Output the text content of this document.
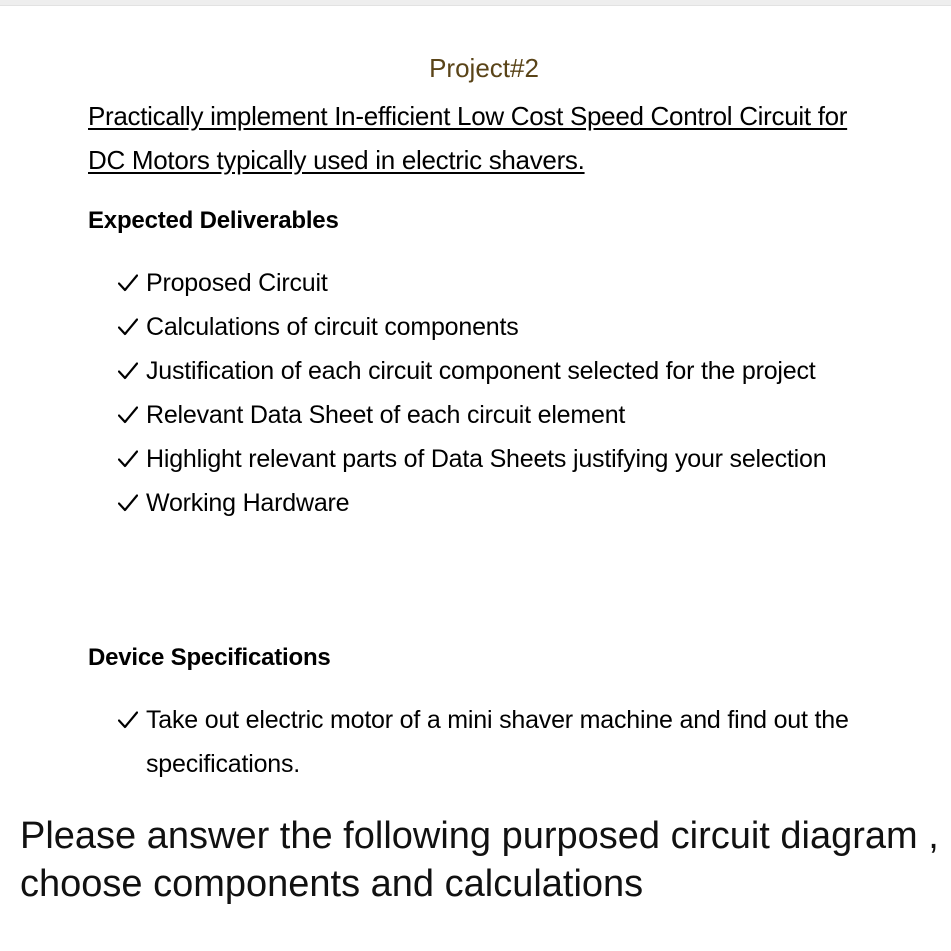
Project#2
Practically implement In-efficient Low Cost Speed Control Circuit for DC Motors typically used in electric shavers.
Expected Deliverables
Proposed Circuit
Calculations of circuit components
Justification of each circuit component selected for the project
Relevant Data Sheet of each circuit element
Highlight relevant parts of Data Sheets justifying your selection
Working Hardware
Device Specifications
Take out electric motor of a mini shaver machine and find out the specifications.
Please answer the following purposed circuit diagram , choose components and calculations
